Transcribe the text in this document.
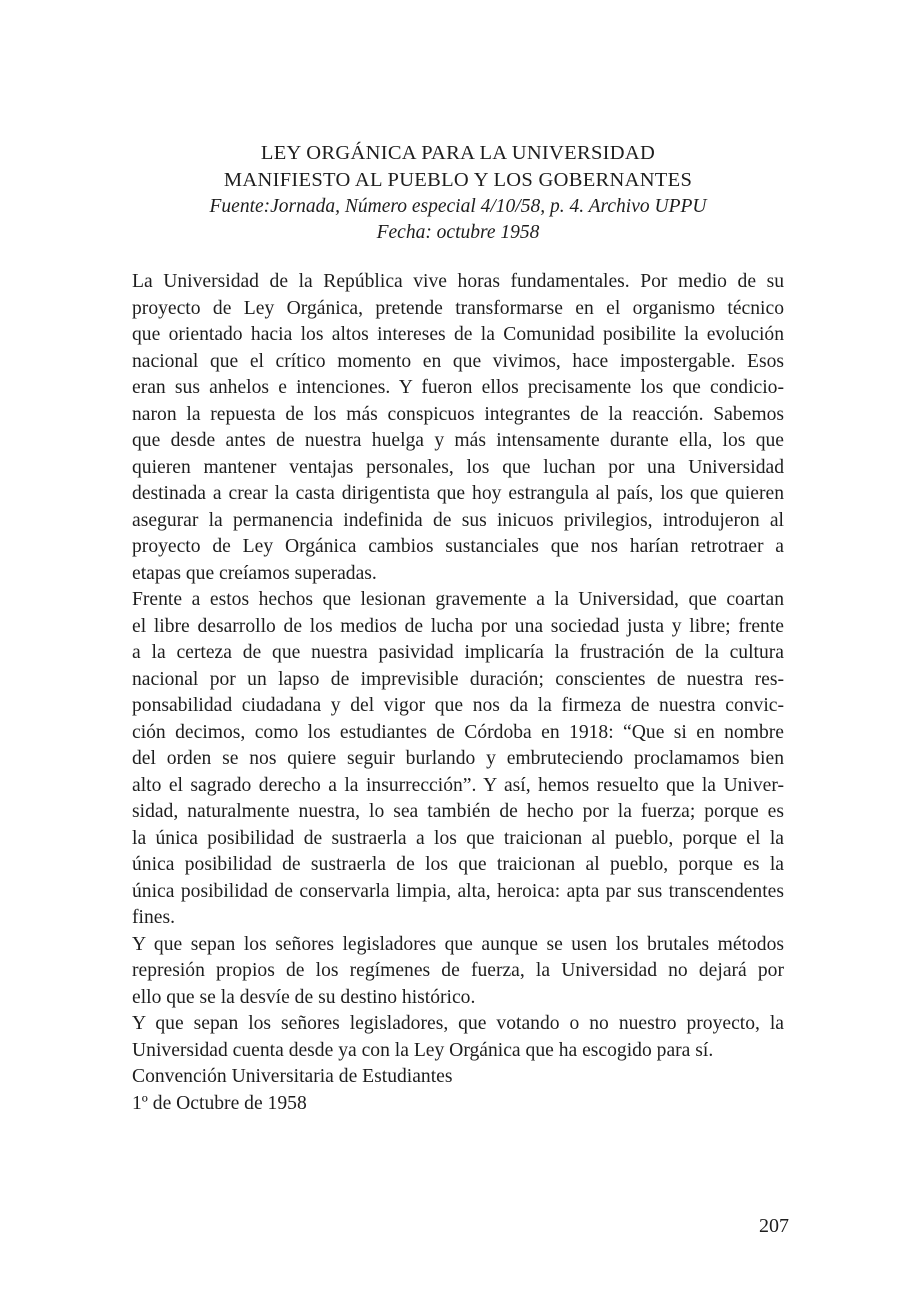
LEY ORGÁNICA PARA LA UNIVERSIDAD
MANIFIESTO AL PUEBLO Y LOS GOBERNANTES
Fuente:Jornada, Número especial 4/10/58, p. 4. Archivo UPPU
Fecha: octubre 1958
La Universidad de la República vive horas fundamentales. Por medio de su
proyecto de Ley Orgánica, pretende transformarse en el organismo técnico
que orientado hacia los altos intereses de la Comunidad posibilite la evolución
nacional que el crítico momento en que vivimos, hace impostergable. Esos
eran sus anhelos e intenciones. Y fueron ellos precisamente los que condicio-
naron la repuesta de los más conspicuos integrantes de la reacción. Sabemos
que desde antes de nuestra huelga y más intensamente durante ella, los que
quieren mantener ventajas personales, los que luchan por una Universidad
destinada a crear la casta dirigentista que hoy estrangula al país, los que quieren
asegurar la permanencia indefinida de sus inicuos privilegios, introdujeron al
proyecto de Ley Orgánica cambios sustanciales que nos harían retrotraer a
etapas que creíamos superadas.
Frente a estos hechos que lesionan gravemente a la Universidad, que coartan
el libre desarrollo de los medios de lucha por una sociedad justa y libre; frente
a la certeza de que nuestra pasividad implicaría la frustración de la cultura
nacional por un lapso de imprevisible duración; conscientes de nuestra res-
ponsabilidad ciudadana y del vigor que nos da la firmeza de nuestra convic-
ción decimos, como los estudiantes de Córdoba en 1918: “Que si en nombre
del orden se nos quiere seguir burlando y embruteciendo proclamamos bien
alto el sagrado derecho a la insurrección”. Y así, hemos resuelto que la Univer-
sidad, naturalmente nuestra, lo sea también de hecho por la fuerza; porque es
la única posibilidad de sustraerla a los que traicionan al pueblo, porque el la
única posibilidad de sustraerla de los que traicionan al pueblo, porque es la
única posibilidad de conservarla limpia, alta, heroica: apta par sus transcendentes
fines.
Y que sepan los señores legisladores que aunque se usen los brutales métodos
represión propios de los regímenes de fuerza, la Universidad no dejará por
ello que se la desvíe de su destino histórico.
Y que sepan los señores legisladores, que votando o no nuestro proyecto, la
Universidad cuenta desde ya con la Ley Orgánica que ha escogido para sí.
Convención Universitaria de Estudiantes
1º de Octubre de 1958
207
